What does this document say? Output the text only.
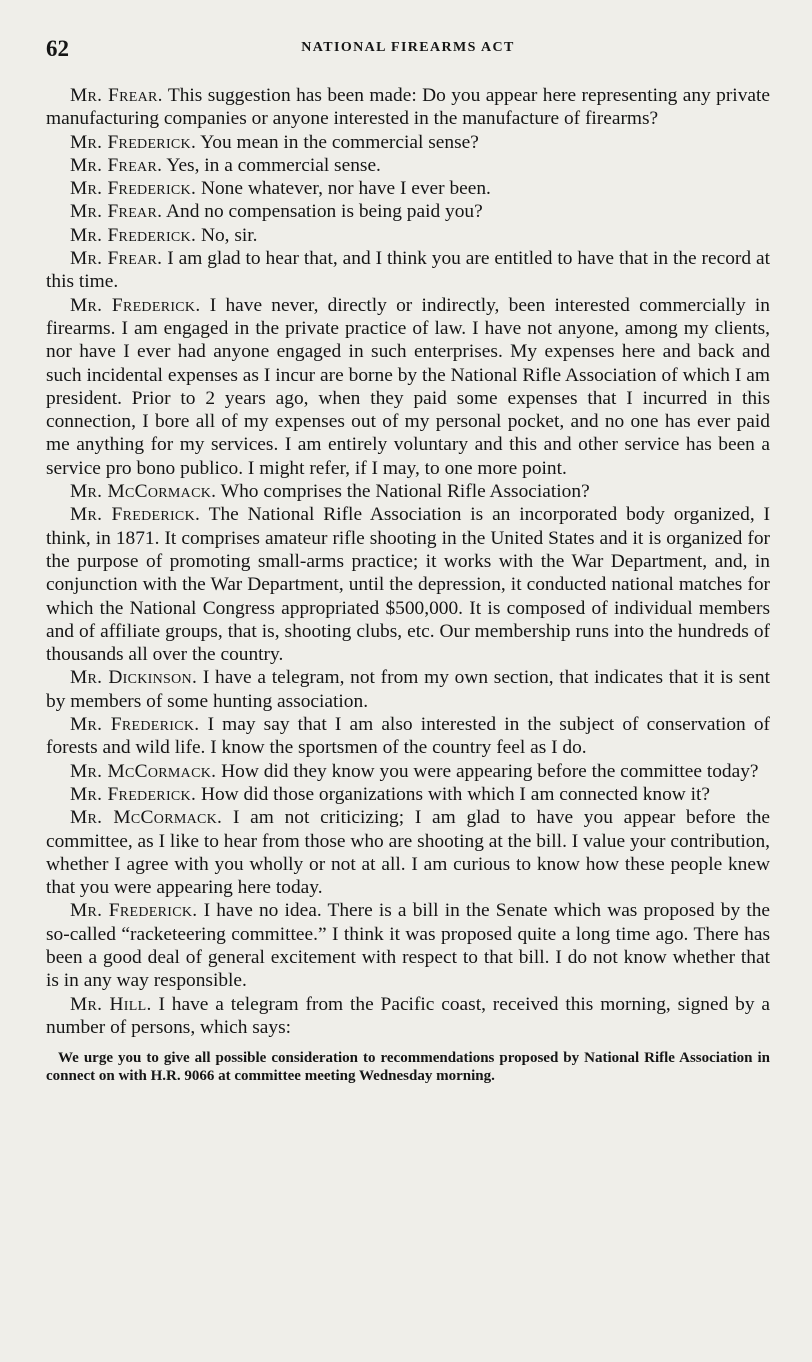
62	NATIONAL FIREARMS ACT

Mr. Frear. This suggestion has been made: Do you appear here representing any private manufacturing companies or anyone interested in the manufacture of firearms?

Mr. Frederick. You mean in the commercial sense?

Mr. Frear. Yes, in a commercial sense.

Mr. Frederick. None whatever, nor have I ever been.

Mr. Frear. And no compensation is being paid you?

Mr. Frederick. No, sir.

Mr. Frear. I am glad to hear that, and I think you are entitled to have that in the record at this time.

Mr. Frederick. I have never, directly or indirectly, been interested commercially in firearms. I am engaged in the private practice of law. I have not anyone, among my clients, nor have I ever had anyone engaged in such enterprises. My expenses here and back and such incidental expenses as I incur are borne by the National Rifle Association of which I am president. Prior to 2 years ago, when they paid some expenses that I incurred in this connection, I bore all of my expenses out of my personal pocket, and no one has ever paid me anything for my services. I am entirely voluntary and this and other service has been a service pro bono publico. I might refer, if I may, to one more point.

Mr. McCormack. Who comprises the National Rifle Association?

Mr. Frederick. The National Rifle Association is an incorporated body organized, I think, in 1871. It comprises amateur rifle shooting in the United States and it is organized for the purpose of promoting small-arms practice; it works with the War Department, and, in conjunction with the War Department, until the depression, it conducted national matches for which the National Congress appropriated $500,000. It is composed of individual members and of affiliate groups, that is, shooting clubs, etc. Our membership runs into the hundreds of thousands all over the country.

Mr. Dickinson. I have a telegram, not from my own section, that indicates that it is sent by members of some hunting association.

Mr. Frederick. I may say that I am also interested in the subject of conservation of forests and wild life. I know the sportsmen of the country feel as I do.

Mr. McCormack. How did they know you were appearing before the committee today?

Mr. Frederick. How did those organizations with which I am connected know it?

Mr. McCormack. I am not criticizing; I am glad to have you appear before the committee, as I like to hear from those who are shooting at the bill. I value your contribution, whether I agree with you wholly or not at all. I am curious to know how these people knew that you were appearing here today.

Mr. Frederick. I have no idea. There is a bill in the Senate which was proposed by the so-called “racketeering committee.” I think it was proposed quite a long time ago. There has been a good deal of general excitement with respect to that bill. I do not know whether that is in any way responsible.

Mr. Hill. I have a telegram from the Pacific coast, received this morning, signed by a number of persons, which says:

We urge you to give all possible consideration to recommendations proposed by National Rifle Association in connect on with H.R. 9066 at committee meeting Wednesday morning.
